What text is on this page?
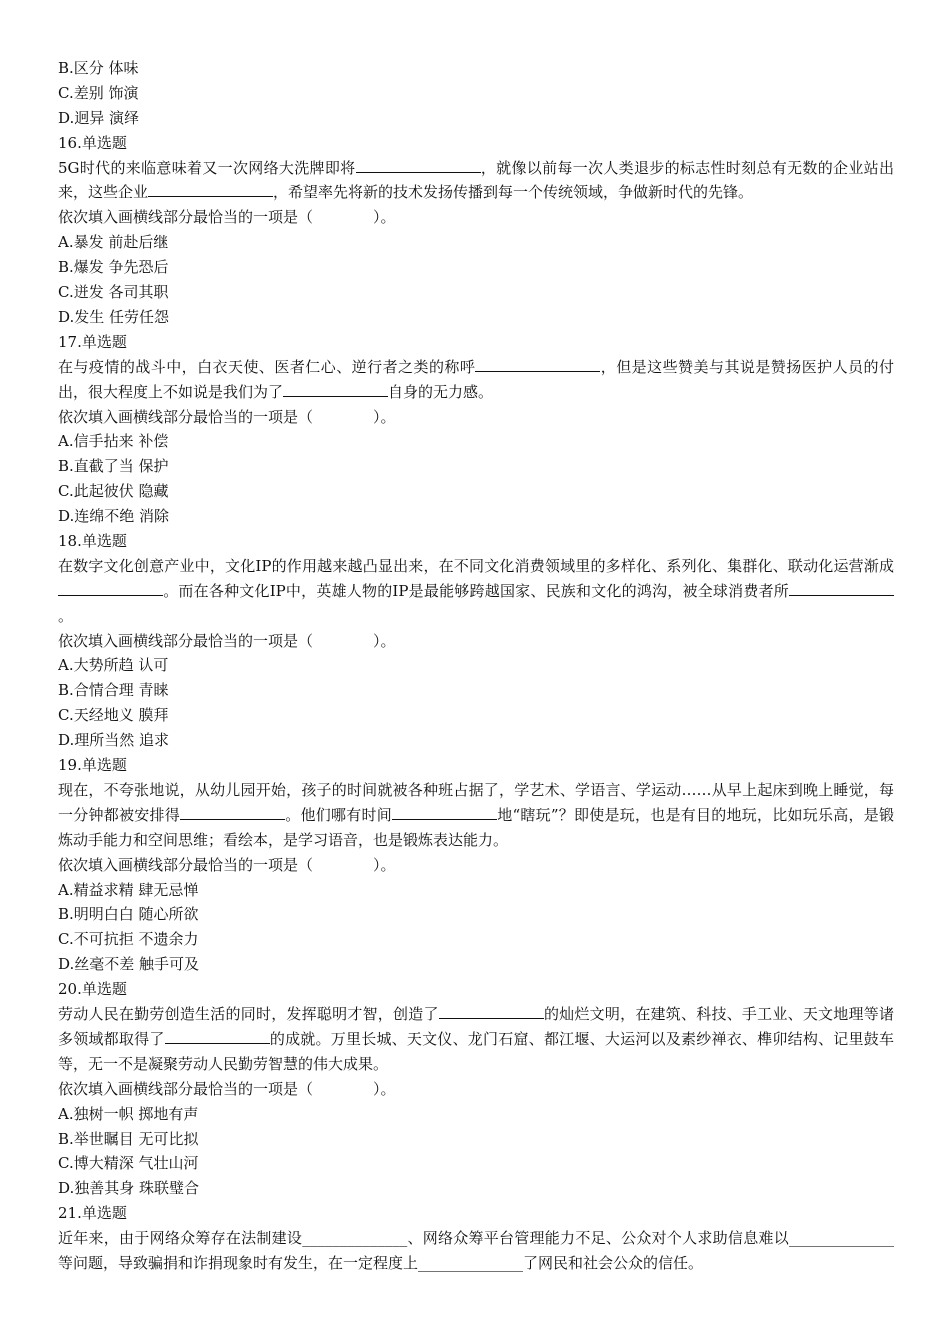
B.区分 体味
C.差别 饰演
D.迥异 演绎
16.单选题
5G时代的来临意味着又一次网络大洗牌即将	，就像以前每一次人类退步的标志性时刻总有无数的企业站出来，这些企业	，希望率先将新的技术发扬传播到每一个传统领域，争做新时代的先锋。
依次填入画横线部分最恰当的一项是（　　　　）。
A.暴发 前赴后继
B.爆发 争先恐后
C.迸发 各司其职
D.发生 任劳任怨
17.单选题
在与疫情的战斗中，白衣天使、医者仁心、逆行者之类的称呼	，但是这些赞美与其说是赞扬医护人员的付出，很大程度上不如说是我们为了	自身的无力感。
依次填入画横线部分最恰当的一项是（　　　　）。
A.信手拈来 补偿
B.直截了当 保护
C.此起彼伏 隐藏
D.连绵不绝 消除
18.单选题
在数字文化创意产业中，文化IP的作用越来越凸显出来，在不同文化消费领域里的多样化、系列化、集群化、联动化运营渐成。而在各种文化IP中，英雄人物的IP是最能够跨越国家、民族和文化的鸿沟，被全球消费者所。
依次填入画横线部分最恰当的一项是（　　　　）。
A.大势所趋 认可
B.合情合理 青睐
C.天经地义 膜拜
D.理所当然 追求
19.单选题
现在，不夸张地说，从幼儿园开始，孩子的时间就被各种班占据了，学艺术、学语言、学运动……从早上起床到晚上睡觉，每一分钟都被安排得	。他们哪有时间	地“瞎玩”？即使是玩，也是有目的地玩，比如玩乐高，是锻炼动手能力和空间思维；看绘本，是学习语音，也是锻炼表达能力。
依次填入画横线部分最恰当的一项是（　　　　）。
A.精益求精 肆无忌惮
B.明明白白 随心所欲
C.不可抗拒 不遗余力
D.丝毫不差 触手可及
20.单选题
劳动人民在勤劳创造生活的同时，发挥聪明才智，创造了	的灿烂文明，在建筑、科技、手工业、天文地理等诸多领域都取得了	的成就。万里长城、天文仪、龙门石窟、都江堰、大运河以及素纱禅衣、榫卯结构、记里鼓车等，无一不是凝聚劳动人民勤劳智慧的伟大成果。
依次填入画横线部分最恰当的一项是（　　　　）。
A.独树一帜 掷地有声
B.举世瞩目 无可比拟
C.博大精深 气壮山河
D.独善其身 珠联璧合
21.单选题
近年来，由于网络众筹存在法制建设______________、网络众筹平台管理能力不足、公众对个人求助信息难以______________等问题，导致骗捐和诈捐现象时有发生，在一定程度上______________了网民和社会公众的信任。
